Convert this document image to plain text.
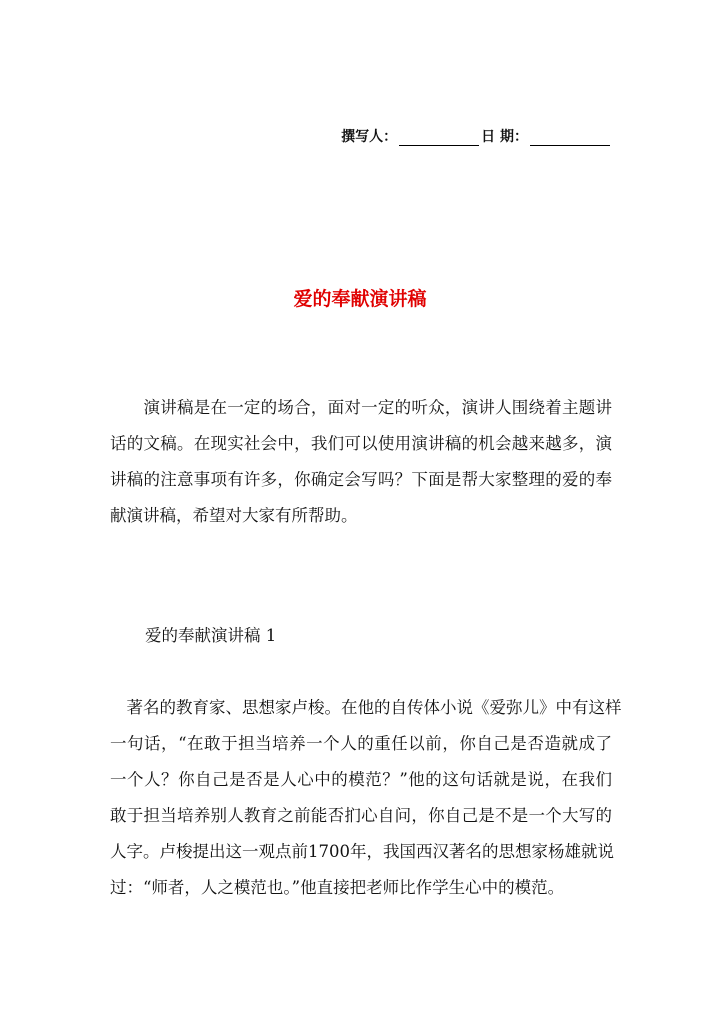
撰写人：	日 期：
爱的奉献演讲稿
　　演讲稿是在一定的场合，面对一定的听众，演讲人围绕着主题讲
话的文稿。在现实社会中，我们可以使用演讲稿的机会越来越多，演
讲稿的注意事项有许多，你确定会写吗？下面是帮大家整理的爱的奉
献演讲稿，希望对大家有所帮助。
爱的奉献演讲稿 1
　著名的教育家、思想家卢梭。在他的自传体小说《爱弥儿》中有这样
一句话，“在敢于担当培养一个人的重任以前，你自己是否造就成了
一个人？你自己是否是人心中的模范？”他的这句话就是说，在我们
敢于担当培养别人教育之前能否扪心自问，你自己是不是一个大写的
人字。卢梭提出这一观点前1700年，我国西汉著名的思想家杨雄就说
过：“师者，人之模范也。”他直接把老师比作学生心中的模范。
